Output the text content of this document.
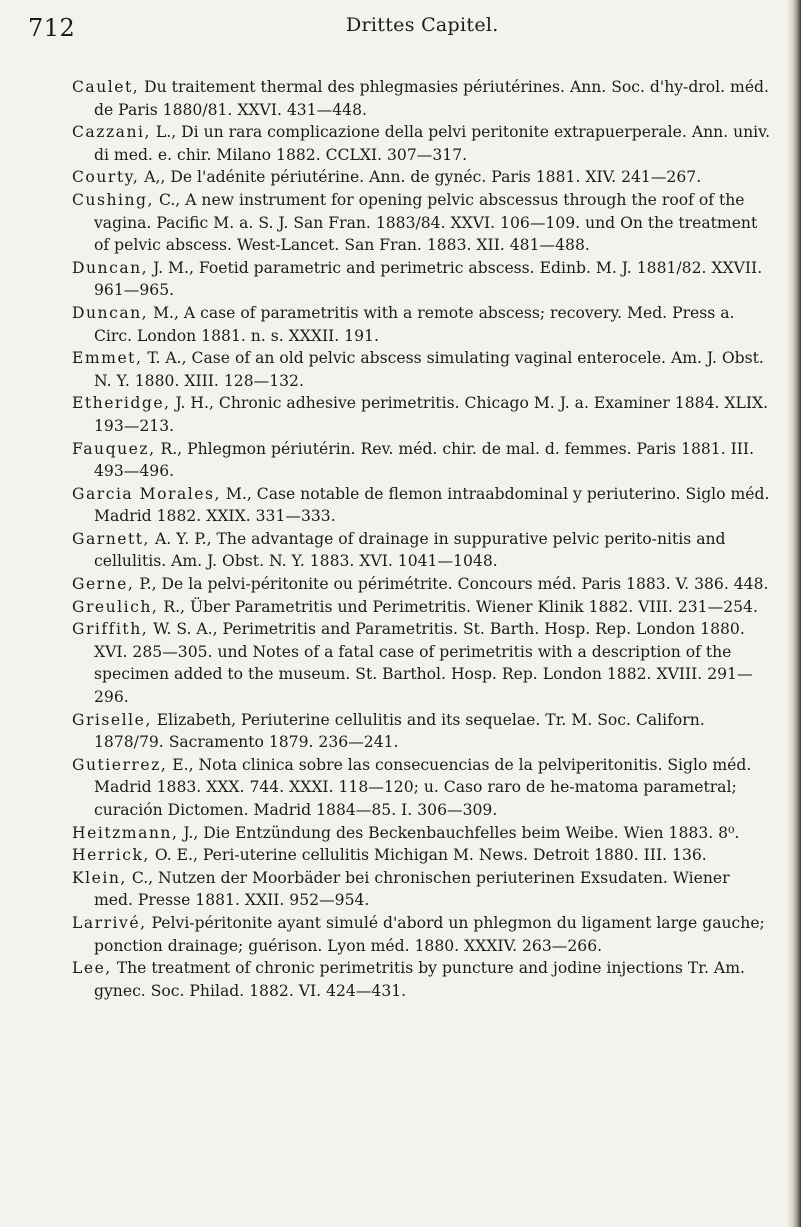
712	Drittes Capitel.
Caulet, Du traitement thermal des phlegmasies périutérines. Ann. Soc. d'hy-drol. méd. de Paris 1880/81. XXVI. 431—448.
Cazzani, L., Di un rara complicazione della pelvi peritonite extrapuerperale. Ann. univ. di med. e. chir. Milano 1882. CCLXI. 307—317.
Courty, A,, De l'adénite périutérine. Ann. de gynéc. Paris 1881. XIV. 241—267.
Cushing, C., A new instrument for opening pelvic abscessus through the roof of the vagina. Pacific M. a. S. J. San Fran. 1883/84. XXVI. 106—109. und On the treatment of pelvic abscess. West-Lancet. San Fran. 1883. XII. 481—488.
Duncan, J. M., Foetid parametric and perimetric abscess. Edinb. M. J. 1881/82. XXVII. 961—965.
Duncan, M., A case of parametritis with a remote abscess; recovery. Med. Press a. Circ. London 1881. n. s. XXXII. 191.
Emmet, T. A., Case of an old pelvic abscess simulating vaginal enterocele. Am. J. Obst. N. Y. 1880. XIII. 128—132.
Etheridge, J. H., Chronic adhesive perimetritis. Chicago M. J. a. Examiner 1884. XLIX. 193—213.
Fauquez, R., Phlegmon périutérin. Rev. méd. chir. de mal. d. femmes. Paris 1881. III. 493—496.
Garcia Morales, M., Case notable de flemon intraabdominal y periuterino. Siglo méd. Madrid 1882. XXIX. 331—333.
Garnett, A. Y. P., The advantage of drainage in suppurative pelvic perito-nitis and cellulitis. Am. J. Obst. N. Y. 1883. XVI. 1041—1048.
Gerne, P., De la pelvi-péritonite ou périmétrite. Concours méd. Paris 1883. V. 386. 448.
Greulich, R., Über Parametritis und Perimetritis. Wiener Klinik 1882. VIII. 231—254.
Griffith, W. S. A., Perimetritis and Parametritis. St. Barth. Hosp. Rep. London 1880. XVI. 285—305. und Notes of a fatal case of perimetritis with a description of the specimen added to the museum. St. Barthol. Hosp. Rep. London 1882. XVIII. 291—296.
Griselle, Elizabeth, Periuterine cellulitis and its sequelae. Tr. M. Soc. Californ. 1878/79. Sacramento 1879. 236—241.
Gutierrez, E., Nota clinica sobre las consecuencias de la pelviperitonitis. Siglo méd. Madrid 1883. XXX. 744. XXXI. 118—120; u. Caso raro de he-matoma parametral; curación Dictomen. Madrid 1884—85. I. 306—309.
Heitzmann, J., Die Entzündung des Beckenbauchfelles beim Weibe. Wien 1883. 8⁰.
Herrick, O. E., Peri-uterine cellulitis Michigan M. News. Detroit 1880. III. 136.
Klein, C., Nutzen der Moorbäder bei chronischen periuterinen Exsudaten. Wiener med. Presse 1881. XXII. 952—954.
Larrivé, Pelvi-péritonite ayant simulé d'abord un phlegmon du ligament large gauche; ponction drainage; guérison. Lyon méd. 1880. XXXIV. 263—266.
Lee, The treatment of chronic perimetritis by puncture and jodine injections Tr. Am. gynec. Soc. Philad. 1882. VI. 424—431.
